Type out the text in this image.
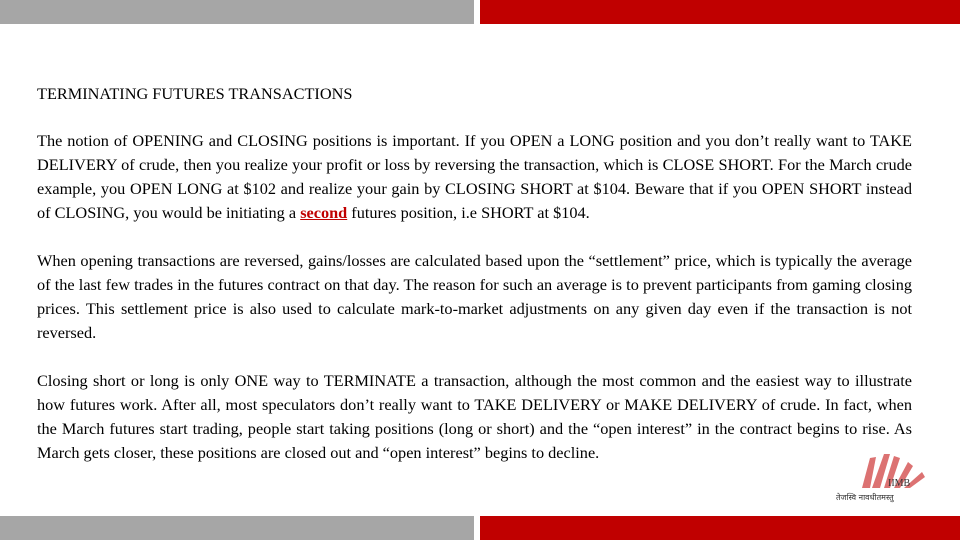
TERMINATING FUTURES TRANSACTIONS

The notion of OPENING and CLOSING positions is important. If you OPEN a LONG position and you don’t really want to TAKE DELIVERY of crude, then you realize your profit or loss by reversing the transaction, which is CLOSE SHORT. For the March crude example, you OPEN LONG at $102 and realize your gain by CLOSING SHORT at $104. Beware that if you OPEN SHORT instead of CLOSING, you would be initiating a second futures position, i.e SHORT at $104.

When opening transactions are reversed, gains/losses are calculated based upon the “settlement” price, which is typically the average of the last few trades in the futures contract on that day. The reason for such an average is to prevent participants from gaming closing prices. This settlement price is also used to calculate mark-to-market adjustments on any given day even if the transaction is not reversed.

Closing short or long is only ONE way to TERMINATE a transaction, although the most common and the easiest way to illustrate how futures work. After all, most speculators don’t really want to TAKE DELIVERY or MAKE DELIVERY of crude. In fact, when the March futures start trading, people start taking positions (long or short) and the “open interest” in the contract begins to rise. As March gets closer, these positions are closed out and “open interest” begins to decline.

IIMB
तेजस्वि नावधीतमस्तु
